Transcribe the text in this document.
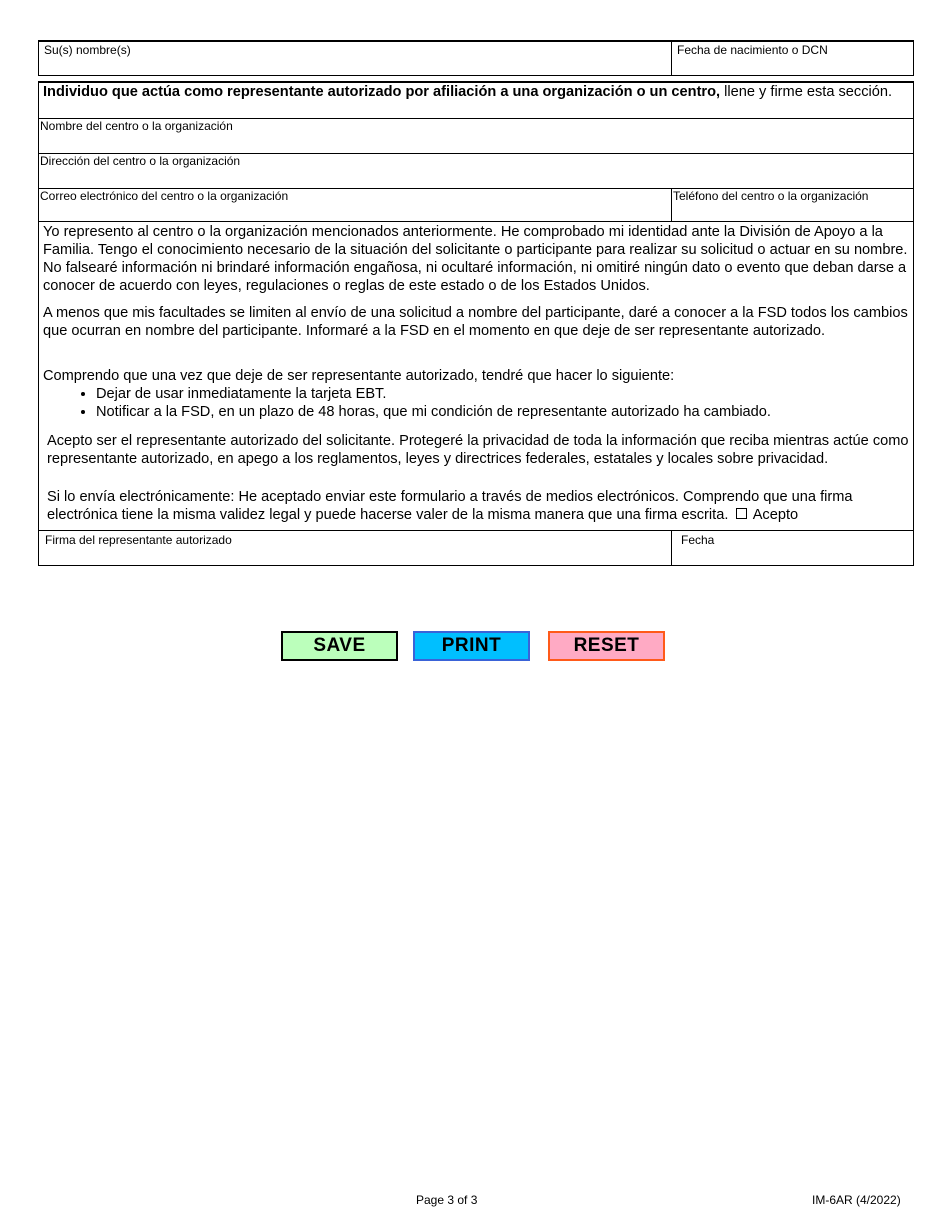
Su(s) nombre(s)	Fecha de nacimiento o DCN

Individuo que actúa como representante autorizado por afiliación a una organización o un centro, llene y firme esta sección.

Nombre del centro o la organización
Dirección del centro o la organización
Correo electrónico del centro o la organización	Teléfono del centro o la organización

Yo represento al centro o la organización mencionados anteriormente. He comprobado mi identidad ante la División de Apoyo a la Familia. Tengo el conocimiento necesario de la situación del solicitante o participante para realizar su solicitud o actuar en su nombre. No falsearé información ni brindaré información engañosa, ni ocultaré información, ni omitiré ningún dato o evento que deban darse a conocer de acuerdo con leyes, regulaciones o reglas de este estado o de los Estados Unidos.

A menos que mis facultades se limiten al envío de una solicitud a nombre del participante, daré a conocer a la FSD todos los cambios que ocurran en nombre del participante. Informaré a la FSD en el momento en que deje de ser representante autorizado.

Comprendo que una vez que deje de ser representante autorizado, tendré que hacer lo siguiente:

• Dejar de usar inmediatamente la tarjeta EBT.
• Notificar a la FSD, en un plazo de 48 horas, que mi condición de representante autorizado ha cambiado.

Acepto ser el representante autorizado del solicitante. Protegeré la privacidad de toda la información que reciba mientras actúe como representante autorizado, en apego a los reglamentos, leyes y directrices federales, estatales y locales sobre privacidad.

Si lo envía electrónicamente: He aceptado enviar este formulario a través de medios electrónicos. Comprendo que una firma electrónica tiene la misma validez legal y puede hacerse valer de la misma manera que una firma escrita. Acepto

Firma del representante autorizado	Fecha
SAVE	PRINT	RESET
Page 3 of 3	IM-6AR (4/2022)
